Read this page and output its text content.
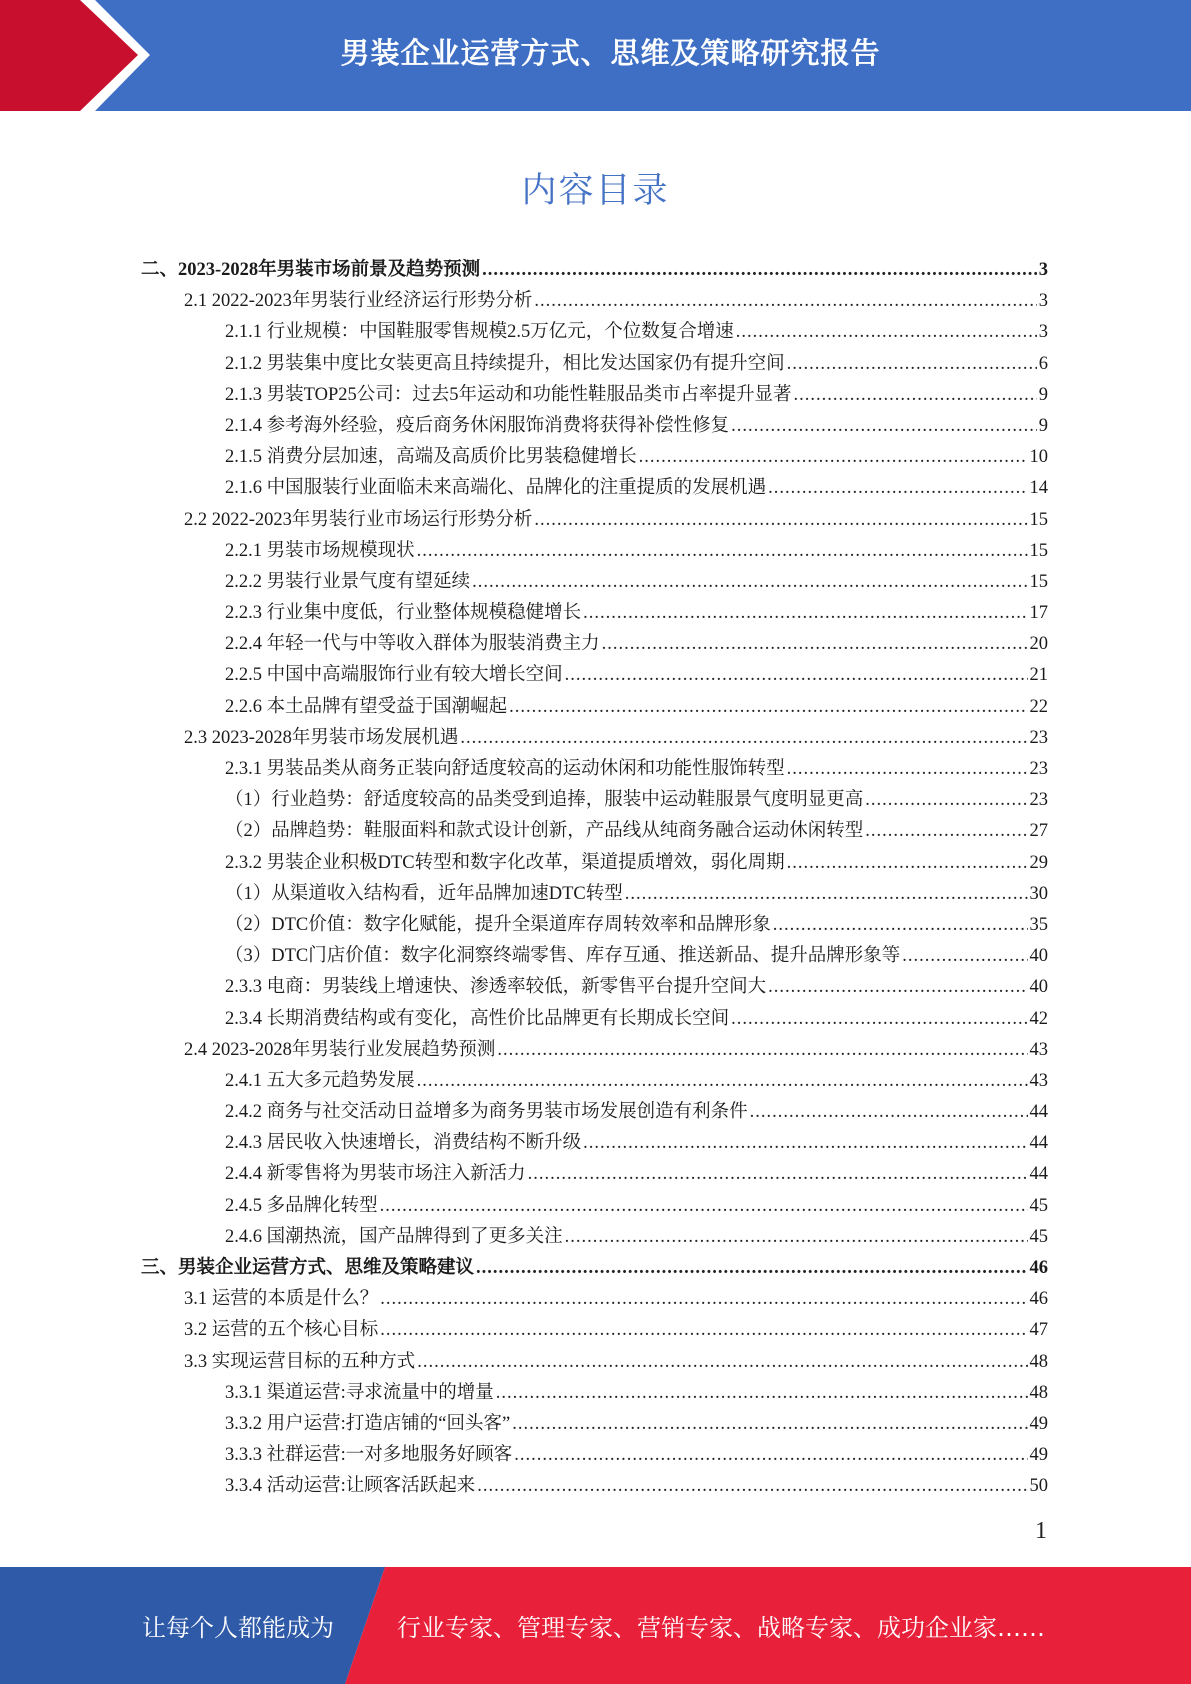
男装企业运营方式、思维及策略研究报告
内容目录
二、2023-2028年男装市场前景及趋势预测 .....	3
2.1 2022-2023年男装行业经济运行形势分析 .....	3
2.1.1 行业规模：中国鞋服零售规模2.5万亿元，个位数复合增速 .....	3
2.1.2 男装集中度比女装更高且持续提升，相比发达国家仍有提升空间 .....	6
2.1.3 男装TOP25公司：过去5年运动和功能性鞋服品类市占率提升显著 .....	9
2.1.4 参考海外经验，疫后商务休闲服饰消费将获得补偿性修复 .....	9
2.1.5 消费分层加速，高端及高质价比男装稳健增长 .....	10
2.1.6 中国服装行业面临未来高端化、品牌化的注重提质的发展机遇 .....	14
2.2 2022-2023年男装行业市场运行形势分析 .....	15
2.2.1 男装市场规模现状 .....	15
2.2.2 男装行业景气度有望延续 .....	15
2.2.3 行业集中度低，行业整体规模稳健增长 .....	17
2.2.4 年轻一代与中等收入群体为服装消费主力 .....	20
2.2.5 中国中高端服饰行业有较大增长空间 .....	21
2.2.6 本土品牌有望受益于国潮崛起 .....	22
2.3 2023-2028年男装市场发展机遇 .....	23
2.3.1 男装品类从商务正装向舒适度较高的运动休闲和功能性服饰转型 .....	23
（1）行业趋势：舒适度较高的品类受到追捧，服装中运动鞋服景气度明显更高 .....	23
（2）品牌趋势：鞋服面料和款式设计创新，产品线从纯商务融合运动休闲转型 .....	27
2.3.2 男装企业积极DTC转型和数字化改革，渠道提质增效，弱化周期 .....	29
（1）从渠道收入结构看，近年品牌加速DTC转型 .....	30
（2）DTC价值：数字化赋能，提升全渠道库存周转效率和品牌形象 .....	35
（3）DTC门店价值：数字化洞察终端零售、库存互通、推送新品、提升品牌形象等 .....	40
2.3.3 电商：男装线上增速快、渗透率较低，新零售平台提升空间大 .....	40
2.3.4 长期消费结构或有变化，高性价比品牌更有长期成长空间 .....	42
2.4 2023-2028年男装行业发展趋势预测 .....	43
2.4.1 五大多元趋势发展 .....	43
2.4.2 商务与社交活动日益增多为商务男装市场发展创造有利条件 .....	44
2.4.3 居民收入快速增长，消费结构不断升级 .....	44
2.4.4 新零售将为男装市场注入新活力 .....	44
2.4.5 多品牌化转型 .....	45
2.4.6 国潮热流，国产品牌得到了更多关注 .....	45
三、男装企业运营方式、思维及策略建议 .....	46
3.1 运营的本质是什么？ .....	46
3.2 运营的五个核心目标 .....	47
3.3 实现运营目标的五种方式 .....	48
3.3.1 渠道运营:寻求流量中的增量 .....	48
3.3.2 用户运营:打造店铺的“回头客” .....	49
3.3.3 社群运营:一对多地服务好顾客 .....	49
3.3.4 活动运营:让顾客活跃起来 .....	50
1
让每个人都能成为	行业专家、管理专家、营销专家、战略专家、成功企业家……
